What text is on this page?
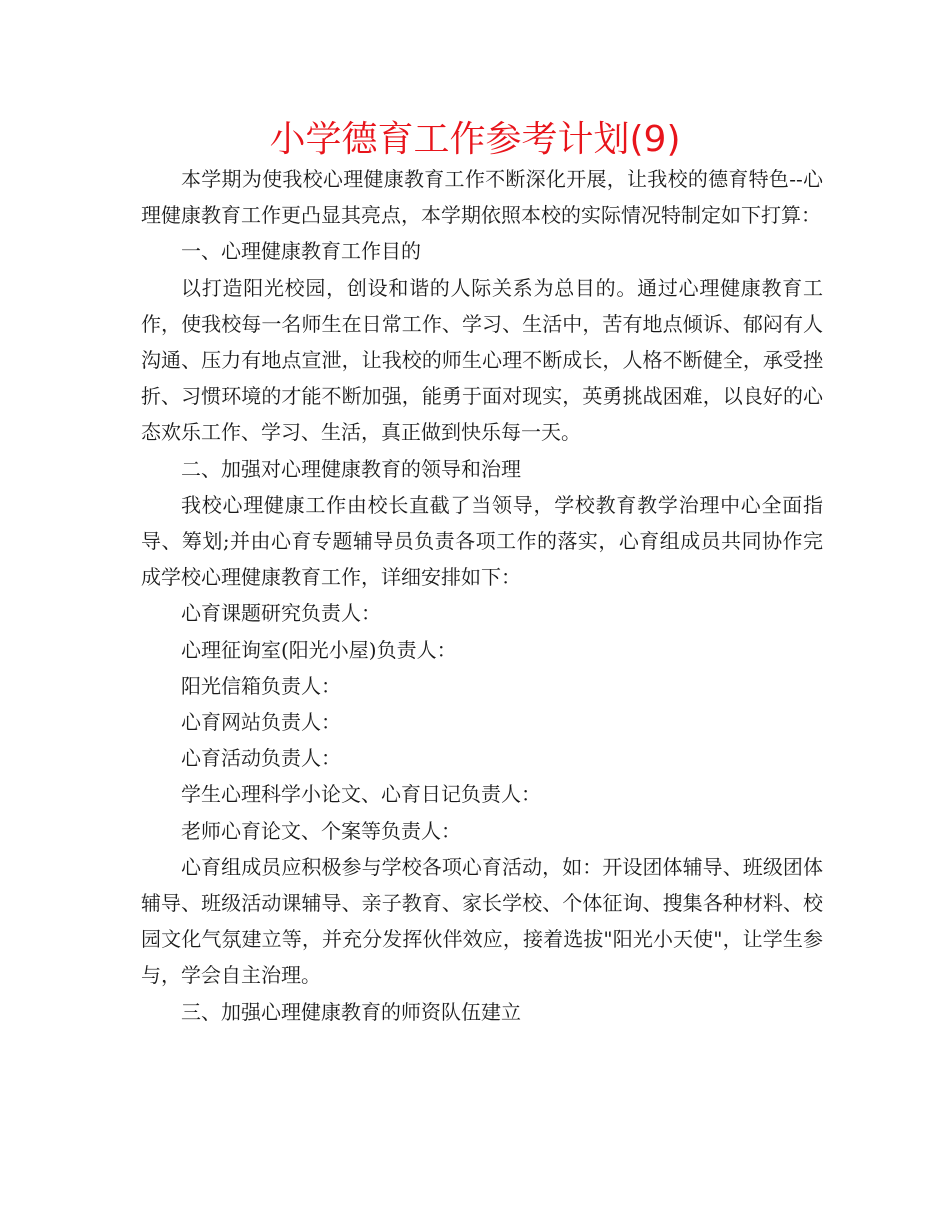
小学德育工作参考计划(9)

本学期为使我校心理健康教育工作不断深化开展，让我校的德育特色--心理健康教育工作更凸显其亮点，本学期依照本校的实际情况特制定如下打算：

一、心理健康教育工作目的

以打造阳光校园，创设和谐的人际关系为总目的。通过心理健康教育工作，使我校每一名师生在日常工作、学习、生活中，苦有地点倾诉、郁闷有人沟通、压力有地点宣泄，让我校的师生心理不断成长，人格不断健全，承受挫折、习惯环境的才能不断加强，能勇于面对现实，英勇挑战困难，以良好的心态欢乐工作、学习、生活，真正做到快乐每一天。

二、加强对心理健康教育的领导和治理

我校心理健康工作由校长直截了当领导，学校教育教学治理中心全面指导、筹划;并由心育专题辅导员负责各项工作的落实，心育组成员共同协作完成学校心理健康教育工作，详细安排如下：

心育课题研究负责人：

心理征询室(阳光小屋)负责人：

阳光信箱负责人：

心育网站负责人：

心育活动负责人：

学生心理科学小论文、心育日记负责人：

老师心育论文、个案等负责人：

心育组成员应积极参与学校各项心育活动，如：开设团体辅导、班级团体辅导、班级活动课辅导、亲子教育、家长学校、个体征询、搜集各种材料、校园文化气氛建立等，并充分发挥伙伴效应，接着选拔"阳光小天使"，让学生参与，学会自主治理。

三、加强心理健康教育的师资队伍建立
